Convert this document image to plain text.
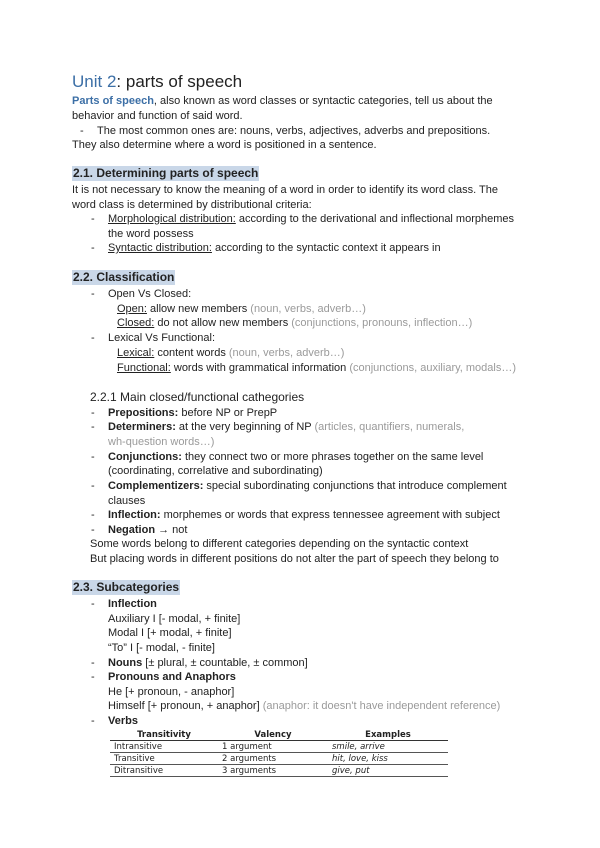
Unit 2: parts of speech
Parts of speech, also known as word classes or syntactic categories, tell us about the
behavior and function of said word.
- The most common ones are: nouns, verbs, adjectives, adverbs and prepositions.
They also determine where a word is positioned in a sentence.
2.1. Determining parts of speech
It is not necessary to know the meaning of a word in order to identify its word class. The
word class is determined by distributional criteria:
- Morphological distribution: according to the derivational and inflectional morphemes
the word possess
- Syntactic distribution: according to the syntactic context it appears in
2.2. Classification
- Open Vs Closed:
Open: allow new members (noun, verbs, adverb…)
Closed: do not allow new members (conjunctions, pronouns, inflection…)
- Lexical Vs Functional:
Lexical: content words (noun, verbs, adverb…)
Functional: words with grammatical information (conjunctions, auxiliary, modals…)
2.2.1 Main closed/functional cathegories
- Prepositions: before NP or PrepP
- Determiners: at the very beginning of NP (articles, quantifiers, numerals,
wh-question words…)
- Conjunctions: they connect two or more phrases together on the same level
(coordinating, correlative and subordinating)
- Complementizers: special subordinating conjunctions that introduce complement
clauses
- Inflection: morphemes or words that express tennessee agreement with subject
- Negation → not
Some words belong to different categories depending on the syntactic context
But placing words in different positions do not alter the part of speech they belong to
2.3. Subcategories
- Inflection
Auxiliary I [- modal, + finite]
Modal I [+ modal, + finite]
“To” I [- modal, - finite]
- Nouns [± plural, ± countable, ± common]
- Pronouns and Anaphors
He [+ pronoun, - anaphor]
Himself [+ pronoun, + anaphor] (anaphor: it doesn't have independent reference)
- Verbs
Transitivity	Valency	Examples
Intransitive	1 argument	smile, arrive
Transitive	2 arguments	hit, love, kiss
Ditransitive	3 arguments	give, put
